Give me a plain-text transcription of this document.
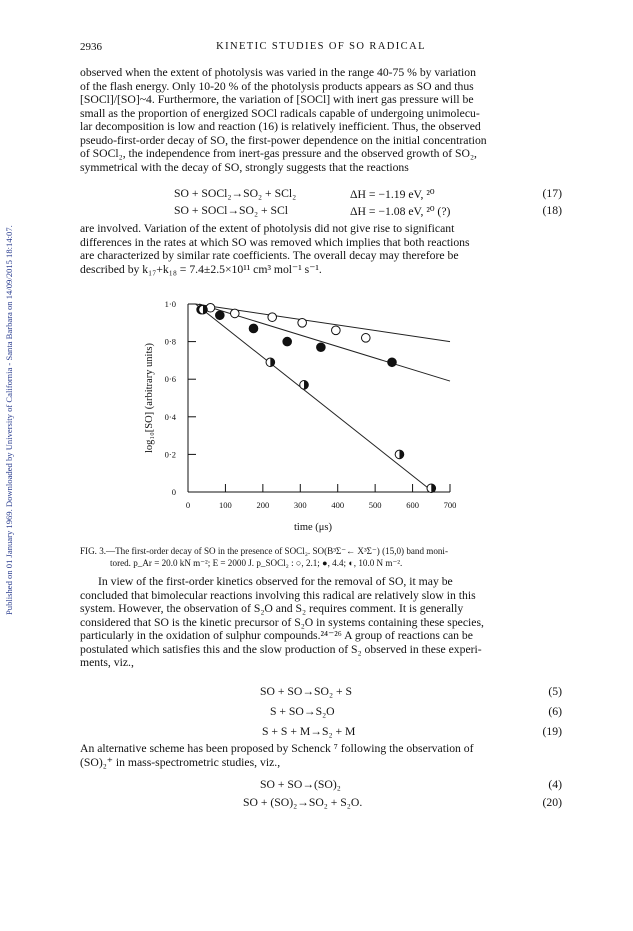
Published on 01 January 1969. Downloaded by University of California - Santa Barbara on 14/09/2015 18:14:07.
2936	KINETIC STUDIES OF SO RADICAL
observed when the extent of photolysis was varied in the range 40-75 % by variation
of the flash energy. Only 10-20 % of the photolysis products appears as SO and thus
[SOCl]/[SO]~4. Furthermore, the variation of [SOCl] with inert gas pressure will be
small as the proportion of energized SOCl radicals capable of undergoing unimolecu-
lar decomposition is low and reaction (16) is relatively inefficient. Thus, the observed
pseudo-first-order decay of SO, the first-power dependence on the initial concentration
of SOCl₂, the independence from inert-gas pressure and the observed growth of SO₂,
symmetrical with the decay of SO, strongly suggests that the reactions
SO + SOCl₂→SO₂ + SCl₂	ΔH = −1.19 eV, ²⁰	(17)
SO + SOCl→SO₂ + SCl	ΔH = −1.08 eV, ²⁰ (?)	(18)
are involved. Variation of the extent of photolysis did not give rise to significant
differences in the rates at which SO was removed which implies that both reactions
are characterized by similar rate coefficients. The overall decay may therefore be
described by k₁₇+k₁₈ = 7.4±2.5×10¹¹ cm³ mol⁻¹ s⁻¹.
FIG. 3.—The first-order decay of SO in the presence of SOCl₂. SO(B³Σ⁻← X³Σ⁻) (15,0) band moni-
tored. p_Ar = 20.0 kN m⁻²; E = 2000 J. p_SOCl₂ : ○, 2.1; ●, 4.4; ◐, 10.0 N m⁻².
In view of the first-order kinetics observed for the removal of SO, it may be
concluded that bimolecular reactions involving this radical are relatively slow in this
system. However, the observation of S₂O and S₂ requires comment. It is generally
considered that SO is the kinetic precursor of S₂O in systems containing these species,
particularly in the oxidation of sulphur compounds.²⁴⁻²⁶ A group of reactions can be
postulated which satisfies this and the slow production of S₂ observed in these experi-
ments, viz.,
SO + SO→SO₂ + S	(5)
S + SO→S₂O	(6)
S + S + M→S₂ + M	(19)
An alternative scheme has been proposed by Schenck ⁷ following the observation of
(SO)₂⁺ in mass-spectrometric studies, viz.,
SO + SO→(SO)₂	(4)
SO + (SO)₂→SO₂ + S₂O.	(20)
0	100	200	300	400	500	600	700
0
0·2
0·4
0·6
0·8
1·0
time (μs)
log₁₀[SO] (arbitrary units)
